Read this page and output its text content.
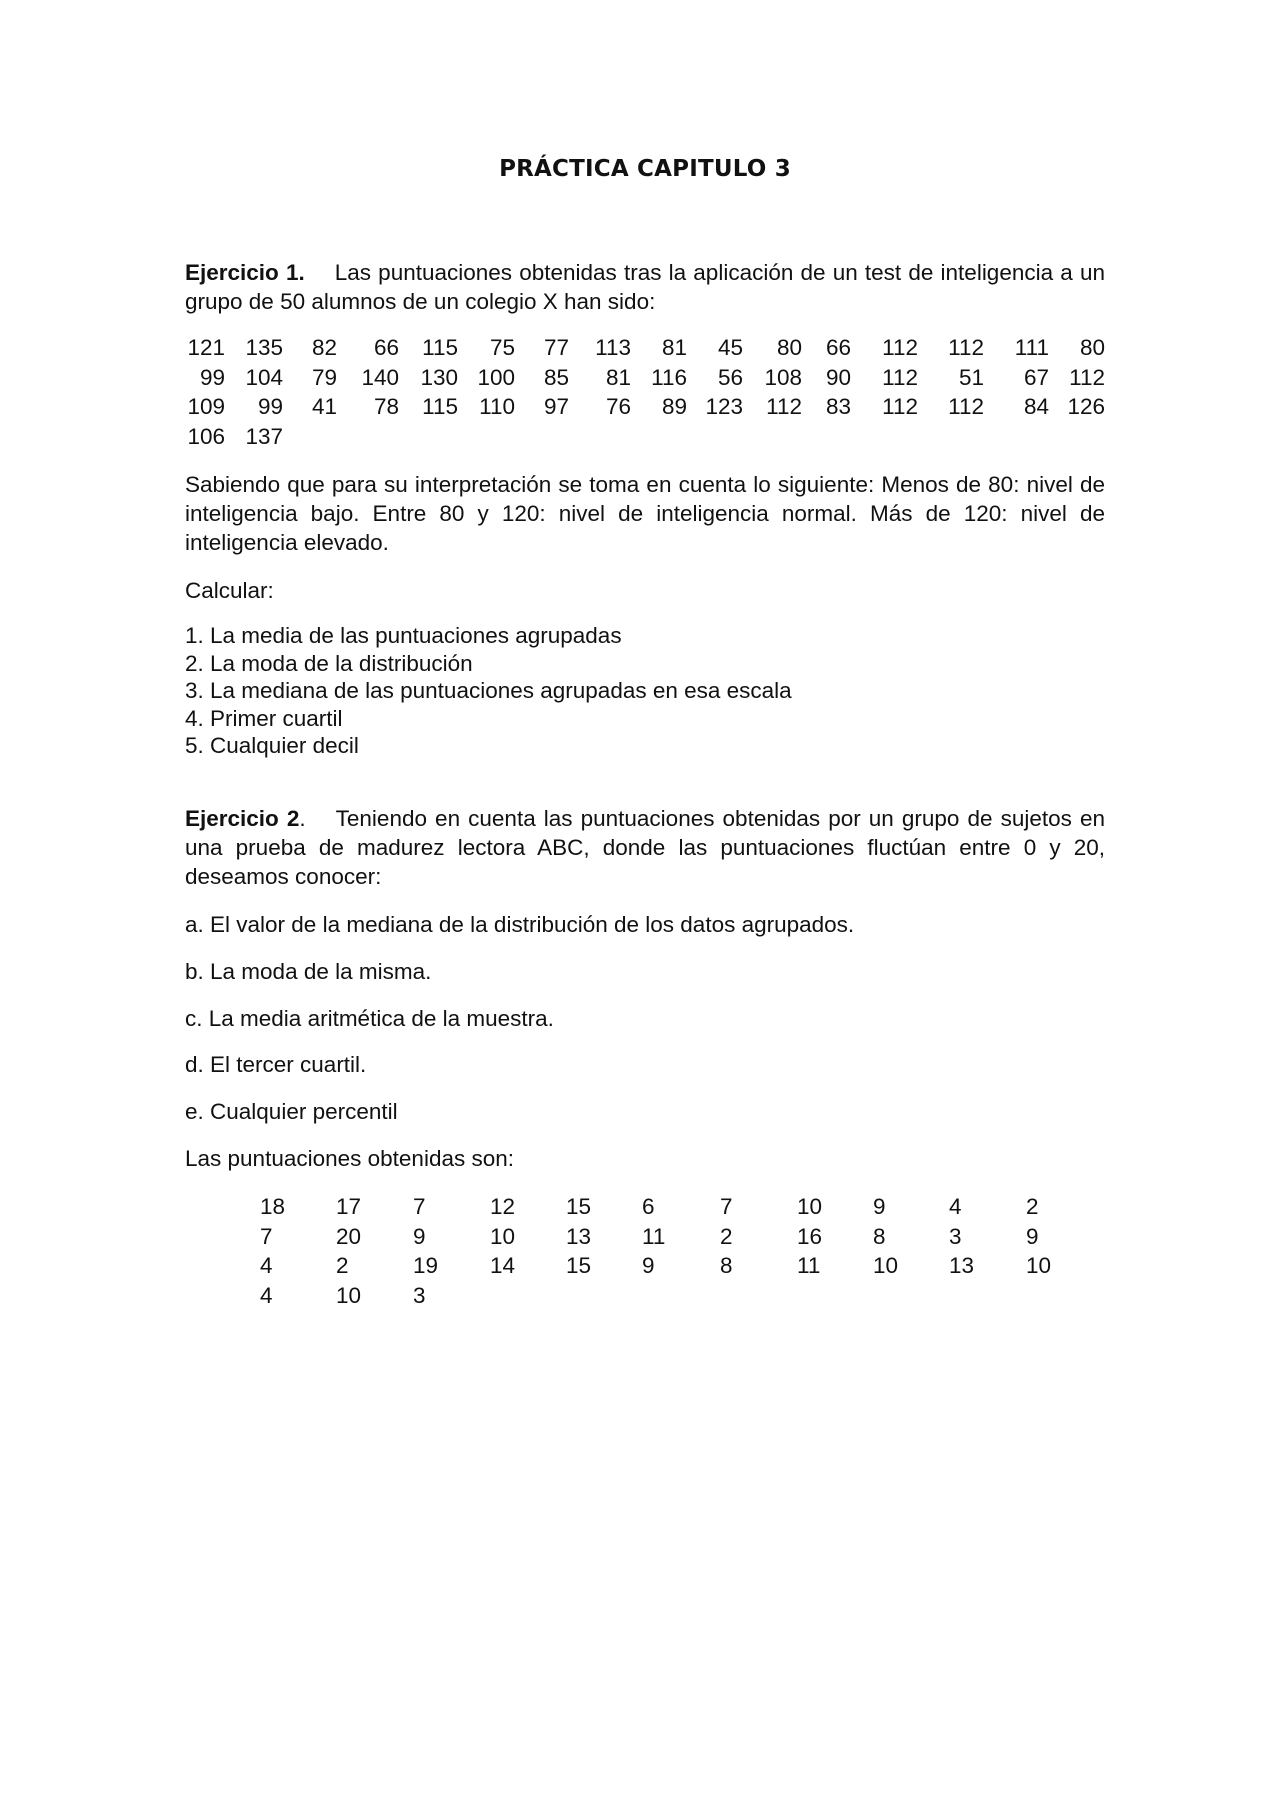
PRÁCTICA CAPITULO 3

Ejercicio 1. Las puntuaciones obtenidas tras la aplicación de un test de inteligencia a un grupo de 50 alumnos de un colegio X han sido:

121 135 82 66 115 75 77 113 81 45 80 66 112 112 111 80
99 104 79 140 130 100 85 81 116 56 108 90 112 51 67 112
109 99 41 78 115 110 97 76 89 123 112 83 112 112 84 126
106 137

Sabiendo que para su interpretación se toma en cuenta lo siguiente: Menos de 80: nivel de inteligencia bajo. Entre 80 y 120: nivel de inteligencia normal. Más de 120: nivel de inteligencia elevado.

Calcular:

1. La media de las puntuaciones agrupadas

2. La moda de la distribución

3. La mediana de las puntuaciones agrupadas en esa escala

4. Primer cuartil

5. Cualquier decil

Ejercicio 2. Teniendo en cuenta las puntuaciones obtenidas por un grupo de sujetos en una prueba de madurez lectora ABC, donde las puntuaciones fluctúan entre 0 y 20, deseamos conocer:

a. El valor de la mediana de la distribución de los datos agrupados.

b. La moda de la misma.

c. La media aritmética de la muestra.

d. El tercer cuartil.

e. Cualquier percentil

Las puntuaciones obtenidas son:

18 17 7	12 15 6	7	10 9	4	2
7	20 9	10 13 11 2	16 8	3	9
4	2	19 14 15 9	8	11 10 13 10
4	10 3
